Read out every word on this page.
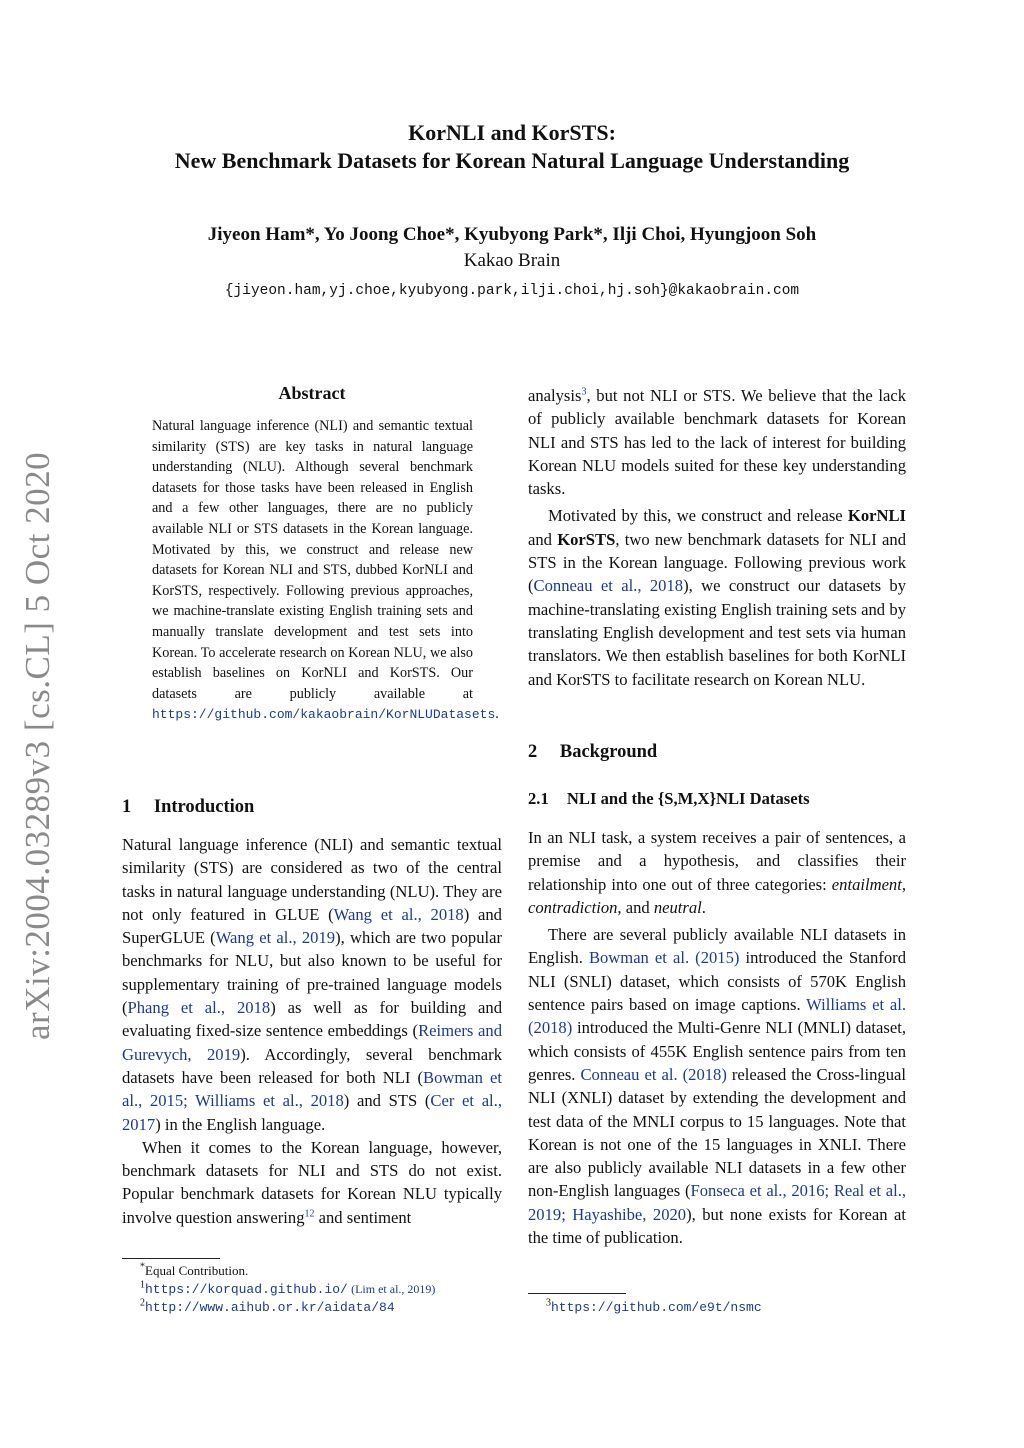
KorNLI and KorSTS:
New Benchmark Datasets for Korean Natural Language Understanding
Jiyeon Ham*, Yo Joong Choe*, Kyubyong Park*, Ilji Choi, Hyungjoon Soh
Kakao Brain
{jiyeon.ham,yj.choe,kyubyong.park,ilji.choi,hj.soh}@kakaobrain.com
arXiv:2004.03289v3 [cs.CL] 5 Oct 2020
Abstract
Natural language inference (NLI) and semantic textual similarity (STS) are key tasks in natural language understanding (NLU). Although several benchmark datasets for those tasks have been released in English and a few other languages, there are no publicly available NLI or STS datasets in the Korean language. Motivated by this, we construct and release new datasets for Korean NLI and STS, dubbed KorNLI and KorSTS, respectively. Following previous approaches, we machine-translate existing English training sets and manually translate development and test sets into Korean. To accelerate research on Korean NLU, we also establish baselines on KorNLI and KorSTS. Our datasets are publicly available at https://github.com/kakaobrain/KorNLUDatasets.
1 Introduction

Natural language inference (NLI) and semantic textual similarity (STS) are considered as two of the central tasks in natural language understanding (NLU). They are not only featured in GLUE (Wang et al., 2018) and SuperGLUE (Wang et al., 2019), which are two popular benchmarks for NLU, but also known to be useful for supplementary training of pre-trained language models (Phang et al., 2018) as well as for building and evaluating fixed-size sentence embeddings (Reimers and Gurevych, 2019). Accordingly, several benchmark datasets have been released for both NLI (Bowman et al., 2015; Williams et al., 2018) and STS (Cer et al., 2017) in the English language.

When it comes to the Korean language, however, benchmark datasets for NLI and STS do not exist. Popular benchmark datasets for Korean NLU typically involve question answering$^{12}$ and sentiment

*Equal Contribution.
$^1$https://korquad.github.io/ (Lim et al., 2019)
$^2$http://www.aihub.or.kr/aidata/84

analysis$^3$, but not NLI or STS. We believe that the lack of publicly available benchmark datasets for Korean NLI and STS has led to the lack of interest for building Korean NLU models suited for these key understanding tasks.

Motivated by this, we construct and release KorNLI and KorSTS, two new benchmark datasets for NLI and STS in the Korean language. Following previous work (Conneau et al., 2018), we construct our datasets by machine-translating existing English training sets and by translating English development and test sets via human translators. We then establish baselines for both KorNLI and KorSTS to facilitate research on Korean NLU.

2 Background
2.1 NLI and the {S,M,X}NLI Datasets

In an NLI task, a system receives a pair of sentences, a premise and a hypothesis, and classifies their relationship into one out of three categories: entailment, contradiction, and neutral.

There are several publicly available NLI datasets in English. Bowman et al. (2015) introduced the Stanford NLI (SNLI) dataset, which consists of 570K English sentence pairs based on image captions. Williams et al. (2018) introduced the Multi-Genre NLI (MNLI) dataset, which consists of 455K English sentence pairs from ten genres. Conneau et al. (2018) released the Cross-lingual NLI (XNLI) dataset by extending the development and test data of the MNLI corpus to 15 languages. Note that Korean is not one of the 15 languages in XNLI. There are also publicly available NLI datasets in a few other non-English languages (Fonseca et al., 2016; Real et al., 2019; Hayashibe, 2020), but none exists for Korean at the time of publication.

$^3$https://github.com/e9t/nsmc
